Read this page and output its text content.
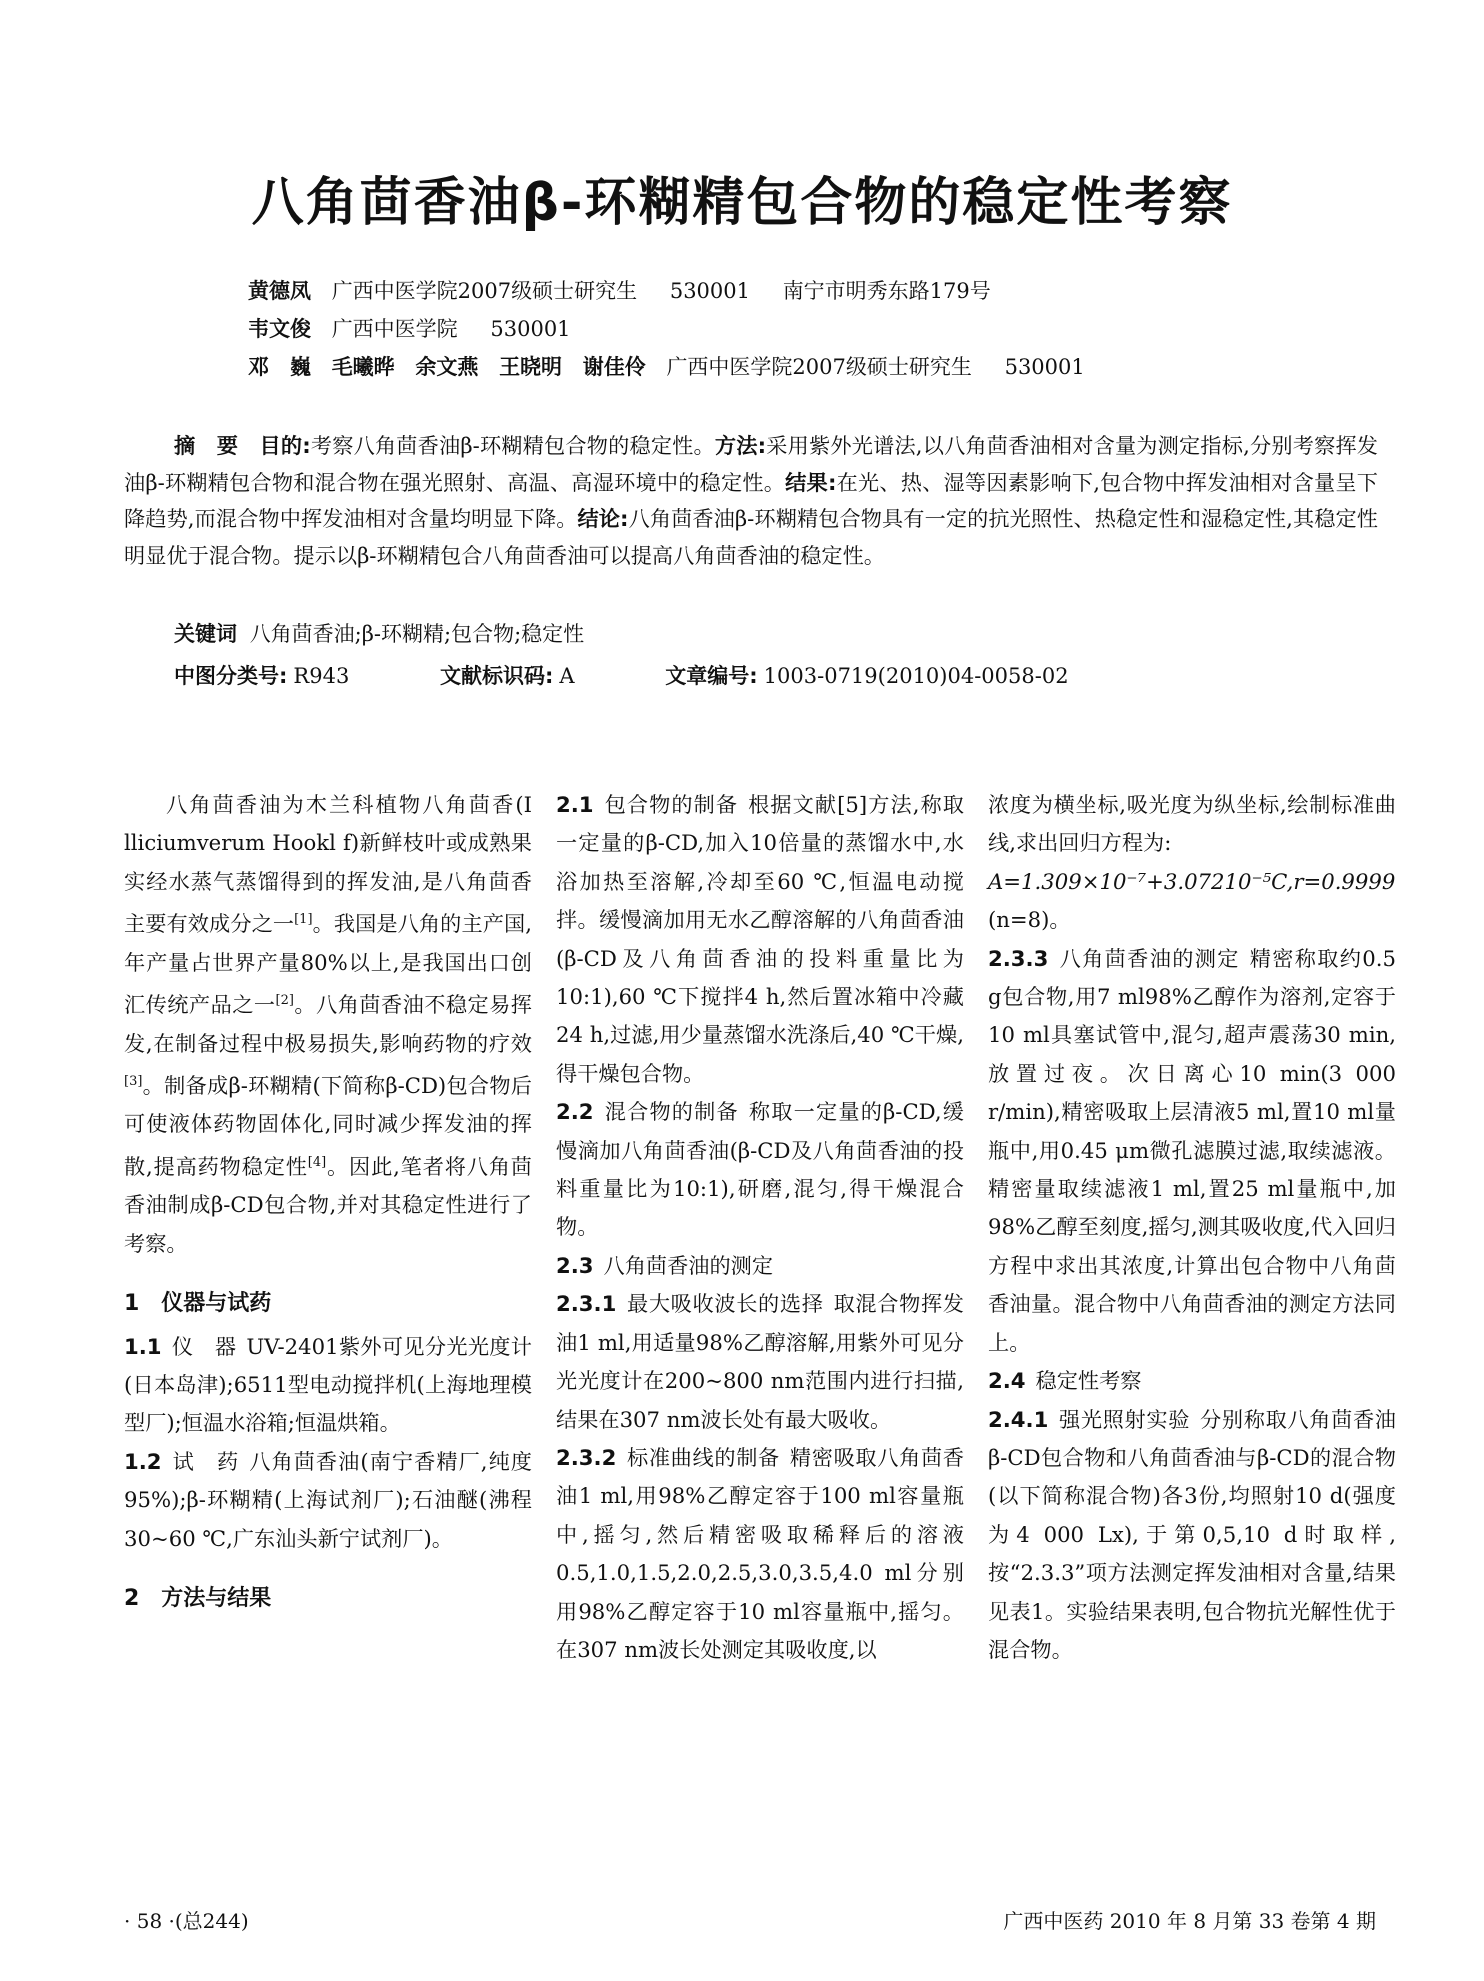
八角茴香油β-环糊精包合物的稳定性考察
黄德凤 广西中医学院2007级硕士研究生 530001 南宁市明秀东路179号
韦文俊 广西中医学院 530001
邓　巍 毛曦晔 余文燕 王晓明 谢佳伶 广西中医学院2007级硕士研究生 530001

摘　要　 目的:考察八角茴香油β-环糊精包合物的稳定性。方法:采用紫外光谱法,以八角茴香油相对含量为测定指标,分别考察挥发油β-环糊精包合物和混合物在强光照射、高温、高湿环境中的稳定性。结果:在光、热、湿等因素影响下,包合物中挥发油相对含量呈下降趋势,而混合物中挥发油相对含量均明显下降。结论:八角茴香油β-环糊精包合物具有一定的抗光照性、热稳定性和湿稳定性,其稳定性明显优于混合物。提示以β-环糊精包合八角茴香油可以提高八角茴香油的稳定性。

关键词 八角茴香油;β-环糊精;包合物;稳定性
中图分类号: R943	文献标识码: A	文章编号: 1003-0719(2010)04-0058-02

八角茴香油为木兰科植物八角茴香(I lliciumverum Hookl f)新鲜枝叶或成熟果实经水蒸气蒸馏得到的挥发油,是八角茴香主要有效成分之一[1]。我国是八角的主产国,年产量占世界产量80%以上,是我国出口创汇传统产品之一[2]。八角茴香油不稳定易挥发,在制备过程中极易损失,影响药物的疗效[3]。制备成β-环糊精(下简称β-CD)包合物后可使液体药物固体化,同时减少挥发油的挥散,提高药物稳定性[4]。因此,笔者将八角茴香油制成β-CD包合物,并对其稳定性进行了考察。

1　仪器与试药

1.1 仪　器 UV-2401紫外可见分光光度计(日本岛津);6511型电动搅拌机(上海地理模型厂);恒温水浴箱;恒温烘箱。

1.2 试　药 八角茴香油(南宁香精厂,纯度95%);β-环糊精(上海试剂厂);石油醚(沸程30~60 ℃,广东汕头新宁试剂厂)。

2　方法与结果

2.1 包合物的制备 根据文献[5]方法,称取一定量的β-CD,加入10倍量的蒸馏水中,水浴加热至溶解,冷却至60 ℃,恒温电动搅拌。缓慢滴加用无水乙醇溶解的八角茴香油(β-CD及八角茴香油的投料重量比为10:1),60 ℃下搅拌4 h,然后置冰箱中冷藏24 h,过滤,用少量蒸馏水洗涤后,40 ℃干燥,得干燥包合物。

2.2 混合物的制备 称取一定量的β-CD,缓慢滴加八角茴香油(β-CD及八角茴香油的投料重量比为10:1),研磨,混匀,得干燥混合物。

2.3 八角茴香油的测定

2.3.1 最大吸收波长的选择 取混合物挥发油1 ml,用适量98%乙醇溶解,用紫外可见分光光度计在200~800 nm范围内进行扫描,结果在307 nm波长处有最大吸收。

2.3.2 标准曲线的制备 精密吸取八角茴香油1 ml,用98%乙醇定容于100 ml容量瓶中,摇匀,然后精密吸取稀释后的溶液0.5,1.0,1.5,2.0,2.5,3.0,3.5,4.0 ml分别用98%乙醇定容于10 ml容量瓶中,摇匀。在307 nm波长处测定其吸收度,以

浓度为横坐标,吸光度为纵坐标,绘制标准曲线,求出回归方程为:

A=1.309×10⁻⁷+3.07210⁻⁵C,r=0.9999

(n=8)。

2.3.3 八角茴香油的测定 精密称取约0.5 g包合物,用7 ml98%乙醇作为溶剂,定容于10 ml具塞试管中,混匀,超声震荡30 min,放置过夜。次日离心10 min(3 000 r/min),精密吸取上层清液5 ml,置10 ml量瓶中,用0.45 μm微孔滤膜过滤,取续滤液。精密量取续滤液1 ml,置25 ml量瓶中,加98%乙醇至刻度,摇匀,测其吸收度,代入回归方程中求出其浓度,计算出包合物中八角茴香油量。混合物中八角茴香油的测定方法同上。

2.4 稳定性考察

2.4.1 强光照射实验 分别称取八角茴香油β-CD包合物和八角茴香油与β-CD的混合物(以下简称混合物)各3份,均照射10 d(强度为4 000 Lx),于第0,5,10 d时取样,按“2.3.3”项方法测定挥发油相对含量,结果见表1。实验结果表明,包合物抗光解性优于混合物。

· 58 ·(总244)	广西中医药 2010 年 8 月第 33 卷第 4 期
